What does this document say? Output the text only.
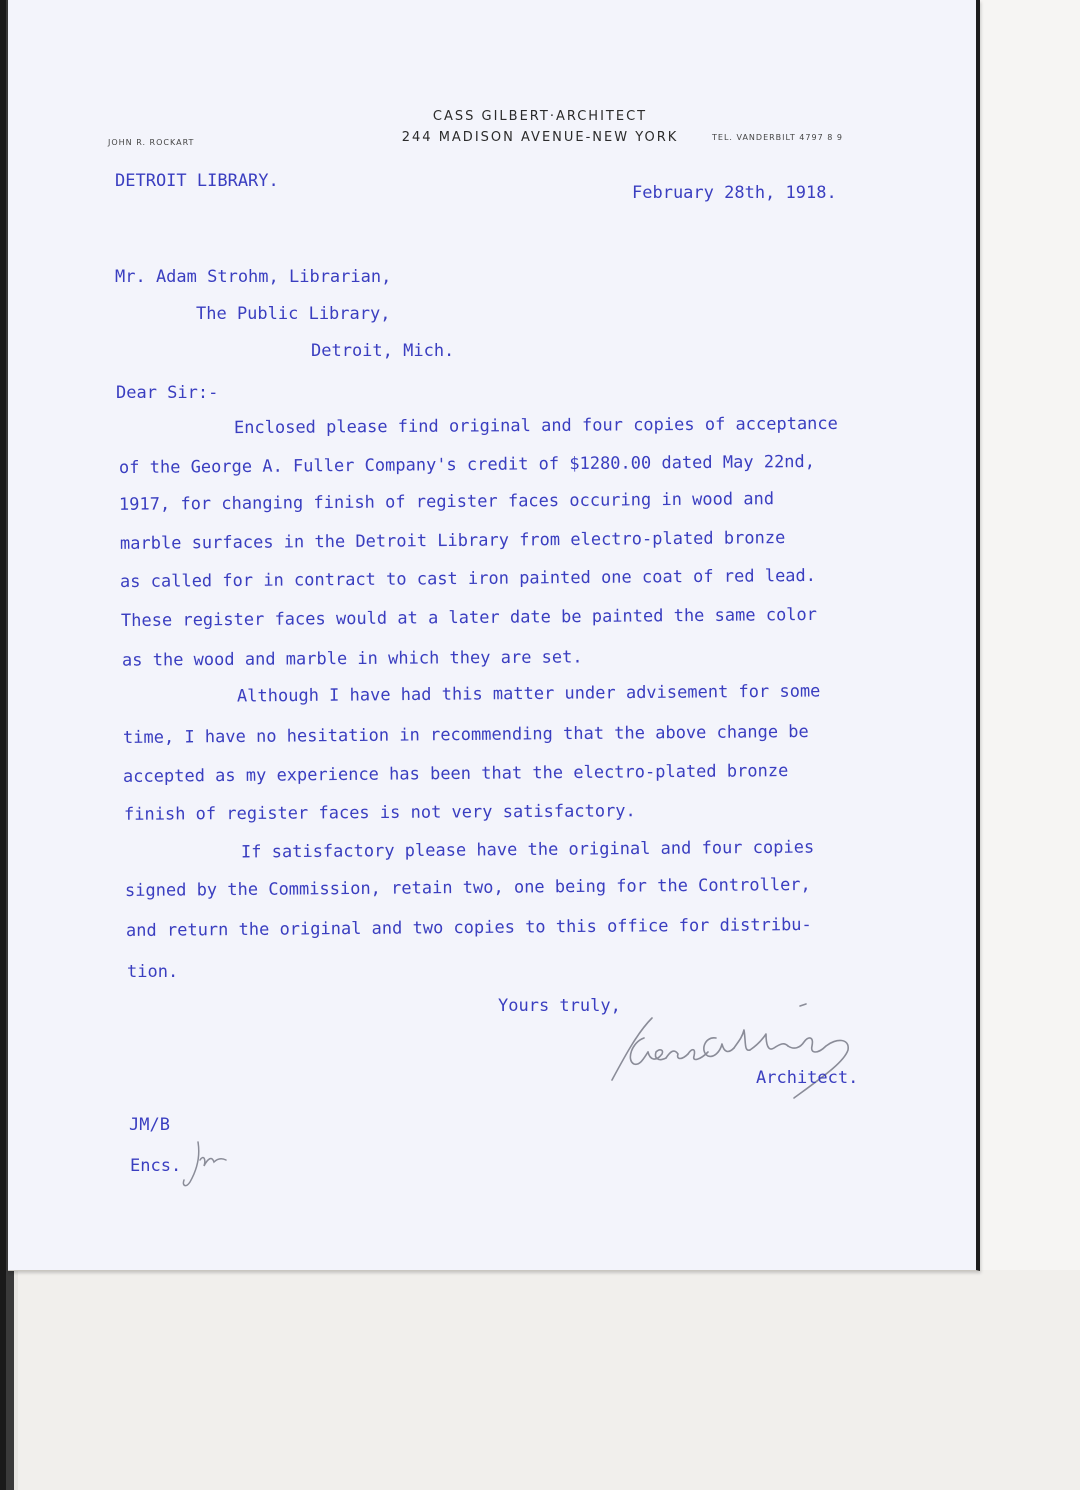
CASS GILBERT·ARCHITECT
244 MADISON AVENUE-NEW YORK
JOHN R. ROCKART
TEL. VANDERBILT 4797 8 9
DETROIT LIBRARY.
February 28th, 1918.
Mr. Adam Strohm, Librarian,
The Public Library,
Detroit, Mich.
Dear Sir:-
Enclosed please find original and four copies of acceptance
of the George A. Fuller Company's credit of $1280.00 dated May 22nd,
1917, for changing finish of register faces occuring in wood and
marble surfaces in the Detroit Library from electro-plated bronze
as called for in contract to cast iron painted one coat of red lead.
These register faces would at a later date be painted the same color
as the wood and marble in which they are set.
Although I have had this matter under advisement for some
time, I have no hesitation in recommending that the above change be
accepted as my experience has been that the electro-plated bronze
finish of register faces is not very satisfactory.
If satisfactory please have the original and four copies
signed by the Commission, retain two, one being for the Controller,
and return the original and two copies to this office for distribu-
tion.
Yours truly,
Architect.
JM/B
Encs.
